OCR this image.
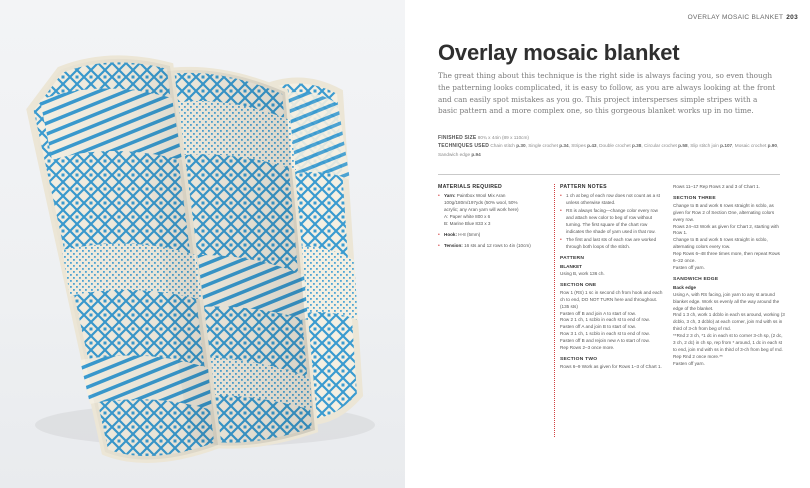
OVERLAY MOSAIC BLANKET 203
Overlay mosaic blanket

The great thing about this technique is the right side is always facing you, so even though the patterning looks complicated, it is easy to follow, as you are always looking at the front and can easily spot mistakes as you go. This project intersperses simple stripes with a basic pattern and a more complex one, so this gorgeous blanket works up in no time.

FINISHED SIZE 80¾ x 44in (89 x 110cm)
TECHNIQUES USED Chain stitch p.30, Single crochet p.34, Stripes p.43, Double crochet p.38, Circular crochet p.58, Slip stitch join p.107, Mosaic crochet p.90, Sandwich edge p.94
MATERIALS REQUIRED
• Yarn: Paintbox Wool Mix Aran 100g/180m/197yds (50% wool, 50% acrylic; any Aran yarn will work here)
A: Paper white 800 x 6
B: Marine Blue 833 x 3
• Hook: H-8 (5mm)
• Tension: 16 sts and 12 rows to 4in (10cm)
PATTERN NOTES
• 1 ch at beg of each row does not count as a st unless otherwise stated.
• RS is always facing—change color every row and attach new color to beg of row without turning. The first square of the chart row indicates the shade of yarn used in that row.
• The first and last sts of each row are worked through both loops of the stitch.
PATTERN
BLANKET

Using B, work 136 ch.

SECTION ONE

Row 1 (RS) 1 sc in second ch from hook and each ch to end, DO NOT TURN here and throughout. (135 sts)

Fasten off B and join A to start of row.

Row 2 1 ch, 1 scblo in each st to end of row.

Fasten off A and join B to start of row.

Row 3 1 ch, 1 scblo in each st to end of row. Fasten off B and rejoin new A to start of row.

Rep Rows 2–3 once more.

SECTION TWO

Rows 6–9 Work as given for Rows 1–3 of Chart 1.

Rows 11–17 Rep Rows 2 and 3 of Chart 1.

SECTION THREE

Change to B and work 6 rows straight in scblo, as given for Row 2 of Section One, alternating colors every row.

Rows 24–43 Work as given for Chart 2, starting with Row 1.

Change to B and work 5 rows straight in scblo, alternating colors every row.

Rep Rows 6–48 three times more, then repeat Rows 6–22 once.

Fasten off yarn.

SANDWICH EDGE
Back edge

Using A, with RS facing, join yarn to any st around blanket edge. Work ss evenly all the way around the edge of the blanket.

Rnd 1 3 ch, work 1 dcblo in each ss around, working (3 dcblo, 3 ch, 3 dcblo) at each corner, join rnd with ss in third of 3-ch from beg of rnd.

**Rnd 2 3 ch, *1 dc in each st to corner 3-ch sp, (2 dc, 3 ch, 2 dc) in ch sp, rep from * around, 1 dc in each st to end, join rnd with ss in third of 3-ch from beg of rnd.

Rep Rnd 2 once more.**

Fasten off yarn.
